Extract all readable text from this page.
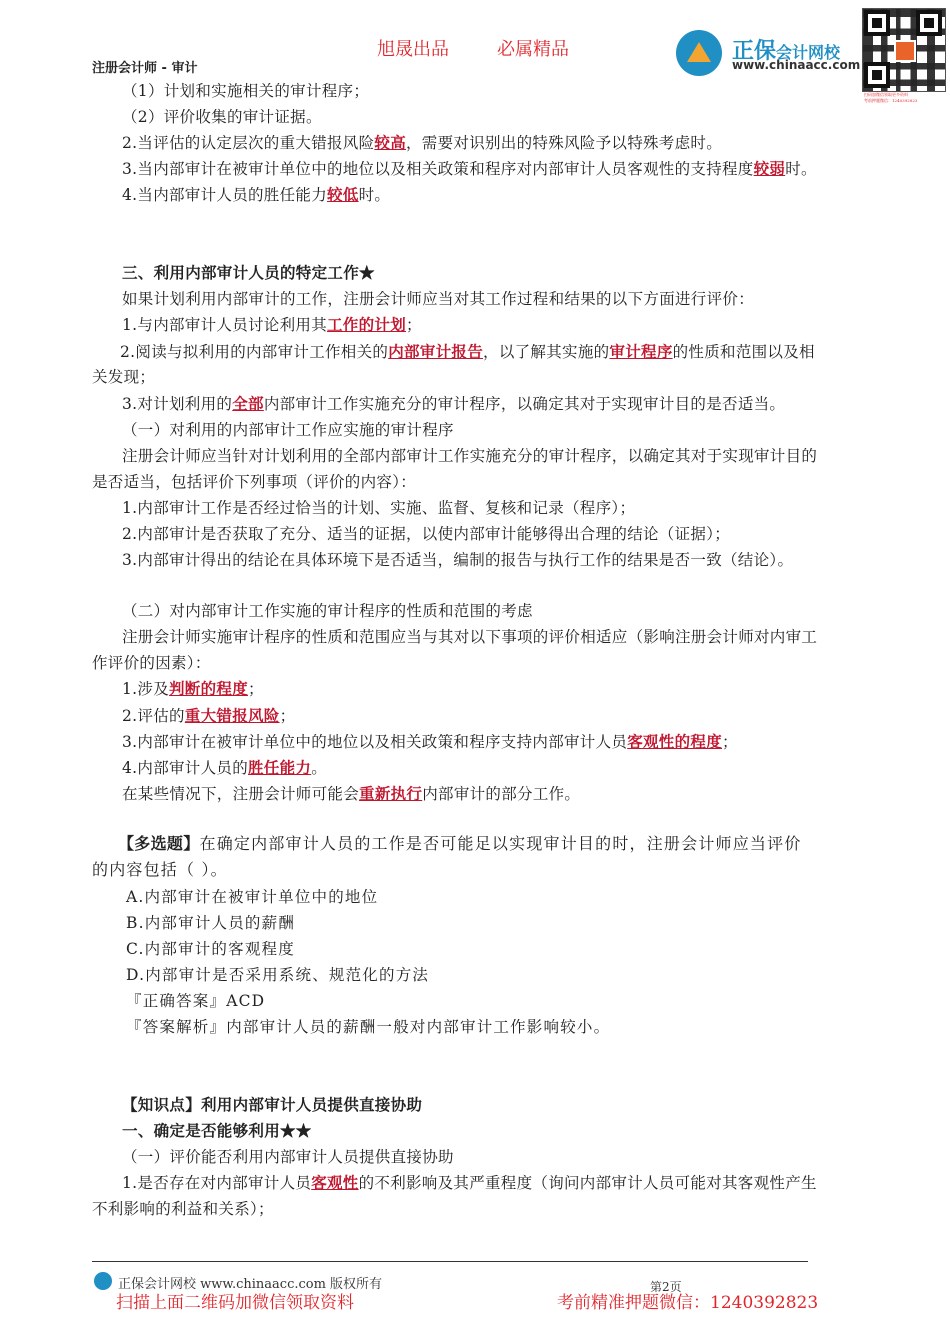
旭晟出品	必属精品
注册会计师 - 审计
正保会计网校
www.chinaacc.com
扫码加微信领取更多资料
考前押题微信：1240392823
（1）计划和实施相关的审计程序；
（2）评价收集的审计证据。
2.当评估的认定层次的重大错报风险较高，需要对识别出的特殊风险予以特殊考虑时。
3.当内部审计在被审计单位中的地位以及相关政策和程序对内部审计人员客观性的支持程度较弱时。
4.当内部审计人员的胜任能力较低时。
三、利用内部审计人员的特定工作★
如果计划利用内部审计的工作，注册会计师应当对其工作过程和结果的以下方面进行评价：
1.与内部审计人员讨论利用其工作的计划；
2.阅读与拟利用的内部审计工作相关的内部审计报告，以了解其实施的审计程序的性质和范围以及相
关发现；
3.对计划利用的全部内部审计工作实施充分的审计程序，以确定其对于实现审计目的是否适当。
（一）对利用的内部审计工作应实施的审计程序
注册会计师应当针对计划利用的全部内部审计工作实施充分的审计程序，以确定其对于实现审计目的
是否适当，包括评价下列事项（评价的内容）：
1.内部审计工作是否经过恰当的计划、实施、监督、复核和记录（程序）；
2.内部审计是否获取了充分、适当的证据，以使内部审计能够得出合理的结论（证据）；
3.内部审计得出的结论在具体环境下是否适当，编制的报告与执行工作的结果是否一致（结论）。
（二）对内部审计工作实施的审计程序的性质和范围的考虑
注册会计师实施审计程序的性质和范围应当与其对以下事项的评价相适应（影响注册会计师对内审工
作评价的因素）：
1.涉及判断的程度；
2.评估的重大错报风险；
3.内部审计在被审计单位中的地位以及相关政策和程序支持内部审计人员客观性的程度；
4.内部审计人员的胜任能力。
在某些情况下，注册会计师可能会重新执行内部审计的部分工作。
【多选题】在确定内部审计人员的工作是否可能足以实现审计目的时，注册会计师应当评价
的内容包括（ ）。
A.内部审计在被审计单位中的地位
B.内部审计人员的薪酬
C.内部审计的客观程度
D.内部审计是否采用系统、规范化的方法
『正确答案』ACD
『答案解析』内部审计人员的薪酬一般对内部审计工作影响较小。
【知识点】利用内部审计人员提供直接协助
一、确定是否能够利用★★
（一）评价能否利用内部审计人员提供直接协助
1.是否存在对内部审计人员客观性的不利影响及其严重程度（询问内部审计人员可能对其客观性产生
不利影响的利益和关系）；
正保会计网校 www.chinaacc.com 版权所有	第2页
扫描上面二维码加微信领取资料	考前精准押题微信：1240392823
